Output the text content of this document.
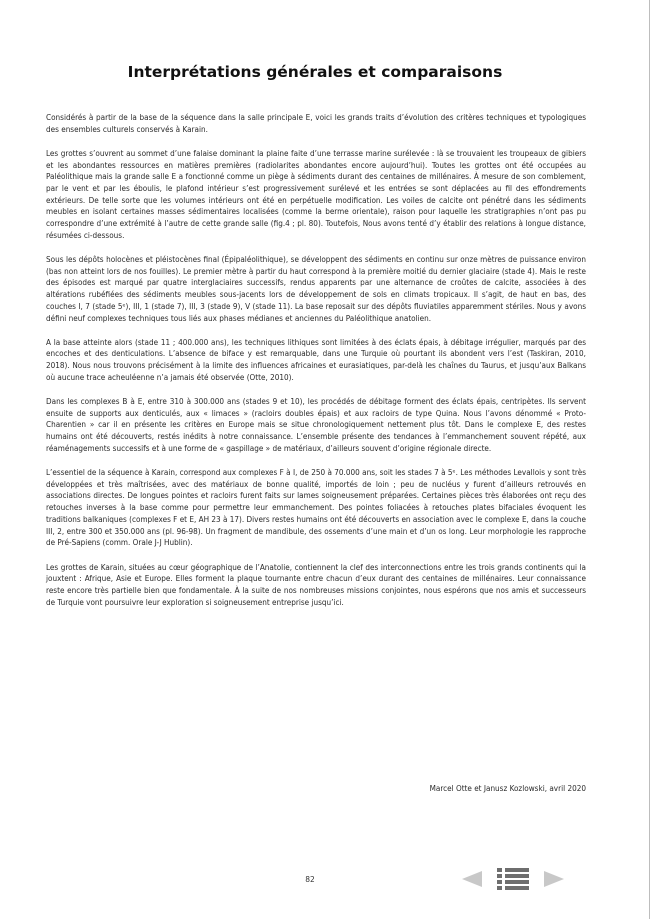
Interprétations générales et comparaisons

Considérés à partir de la base de la séquence dans la salle principale E, voici les grands traits d’évolution des critères techniques et typologiques des ensembles culturels conservés à Karain.

Les grottes s’ouvrent au sommet d’une falaise dominant la plaine faite d’une terrasse marine surélevée : là se trouvaient les troupeaux de gibiers et les abondantes ressources en matières premières (radiolarites abondantes encore aujourd’hui). Toutes les grottes ont été occupées au Paléolithique mais la grande salle E a fonctionné comme un piège à sédiments durant des centaines de millénaires. À mesure de son comblement, par le vent et par les éboulis, le plafond intérieur s’est progressivement surélevé et les entrées se sont déplacées au fil des effondrements extérieurs. De telle sorte que les volumes intérieurs ont été en perpétuelle modification. Les voiles de calcite ont pénétré dans les sédiments meubles en isolant certaines masses sédimentaires localisées (comme la berme orientale), raison pour laquelle les stratigraphies n’ont pas pu correspondre d’une extrémité à l’autre de cette grande salle (fig.4 ; pl. 80). Toutefois, Nous avons tenté d’y établir des relations à longue distance, résumées ci-dessous.

Sous les dépôts holocènes et pléistocènes final (Épipaléolithique), se développent des sédiments en continu sur onze mètres de puissance environ (bas non atteint lors de nos fouilles). Le premier mètre à partir du haut correspond à la première moitié du dernier glaciaire (stade 4). Mais le reste des épisodes est marqué par quatre interglaciaires successifs, rendus apparents par une alternance de croûtes de calcite, associées à des altérations rubéfiées des sédiments meubles sous-jacents lors de développement de sols en climats tropicaux. Il s’agit, de haut en bas, des couches I, 7 (stade 5ᵉ), III, 1 (stade 7), III, 3 (stade 9), V (stade 11). La base reposait sur des dépôts fluviatiles apparemment stériles. Nous y avons défini neuf complexes techniques tous liés aux phases médianes et anciennes du Paléolithique anatolien.

A la base atteinte alors (stade 11 ; 400.000 ans), les techniques lithiques sont limitées à des éclats épais, à débitage irrégulier, marqués par des encoches et des denticulations. L’absence de biface y est remarquable, dans une Turquie où pourtant ils abondent vers l’est (Taskiran, 2010, 2018). Nous nous trouvons précisément à la limite des influences africaines et eurasiatiques, par-delà les chaînes du Taurus, et jusqu’aux Balkans où aucune trace acheuléenne n’a jamais été observée (Otte, 2010).

Dans les complexes B à E, entre 310 à 300.000 ans (stades 9 et 10), les procédés de débitage forment des éclats épais, centripètes. Ils servent ensuite de supports aux denticulés, aux « limaces » (racloirs doubles épais) et aux racloirs de type Quina. Nous l’avons dénommé « Proto-Charentien » car il en présente les critères en Europe mais se situe chronologiquement nettement plus tôt. Dans le complexe E, des restes humains ont été découverts, restés inédits à notre connaissance. L’ensemble présente des tendances à l’emmanchement souvent répété, aux réaménagements successifs et à une forme de « gaspillage » de matériaux, d’ailleurs souvent d’origine régionale directe.

L’essentiel de la séquence à Karain, correspond aux complexes F à I, de 250 à 70.000 ans, soit les stades 7 à 5ᵉ. Les méthodes Levallois y sont très développées et très maîtrisées, avec des matériaux de bonne qualité, importés de loin ; peu de nucléus y furent d’ailleurs retrouvés en associations directes. De longues pointes et racloirs furent faits sur lames soigneusement préparées. Certaines pièces très élaborées ont reçu des retouches inverses à la base comme pour permettre leur emmanchement. Des pointes foliacées à retouches plates bifaciales évoquent les traditions balkaniques (complexes F et E, AH 23 à 17). Divers restes humains ont été découverts en association avec le complexe E, dans la couche III, 2, entre 300 et 350.000 ans (pl. 96-98). Un fragment de mandibule, des ossements d’une main et d’un os long. Leur morphologie les rapproche de Pré-Sapiens (comm. Orale J-J Hublin).

Les grottes de Karain, situées au cœur géographique de l’Anatolie, contiennent la clef des interconnections entre les trois grands continents qui la jouxtent : Afrique, Asie et Europe. Elles forment la plaque tournante entre chacun d’eux durant des centaines de millénaires. Leur connaissance reste encore très partielle bien que fondamentale. À la suite de nos nombreuses missions conjointes, nous espérons que nos amis et successeurs de Turquie vont poursuivre leur exploration si soigneusement entreprise jusqu’ici.

Marcel Otte et Janusz Kozlowski, avril 2020
82
